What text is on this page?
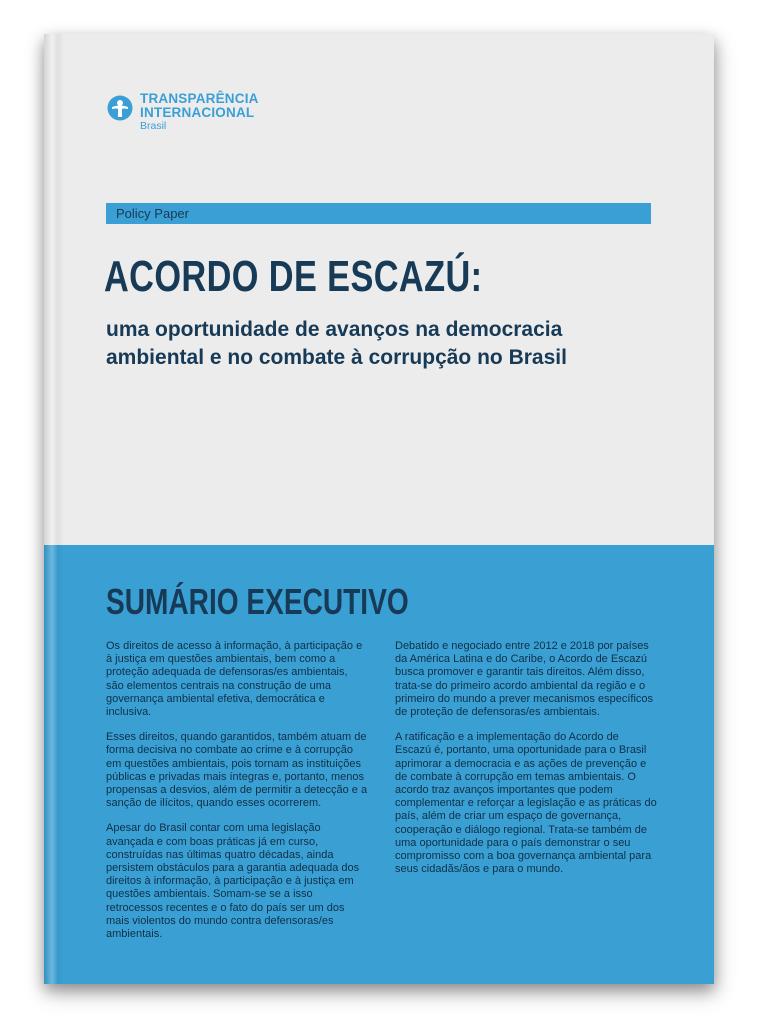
TRANSPARÊNCIA
INTERNACIONAL
Brasil
Policy Paper
ACORDO DE ESCAZÚ:

uma oportunidade de avanços na democracia ambiental e no combate à corrupção no Brasil

SUMÁRIO EXECUTIVO

Os direitos de acesso à informação, à participação e à justiça em questões ambientais, bem como a proteção adequada de defensoras/es ambientais, são elementos centrais na construção de uma governança ambiental efetiva, democrática e inclusiva.

Esses direitos, quando garantidos, também atuam de forma decisiva no combate ao crime e à corrupção em questões ambientais, pois tornam as instituições públicas e privadas mais íntegras e, portanto, menos propensas a desvios, além de permitir a detecção e a sanção de ilícitos, quando esses ocorrerem.

Apesar do Brasil contar com uma legislação avançada e com boas práticas já em curso, construídas nas últimas quatro décadas, ainda persistem obstáculos para a garantia adequada dos direitos à informação, à participação e à justiça em questões ambientais. Somam-se se a isso retrocessos recentes e o fato do país ser um dos mais violentos do mundo contra defensoras/es ambientais.

Debatido e negociado entre 2012 e 2018 por países da América Latina e do Caribe, o Acordo de Escazú busca promover e garantir tais direitos. Além disso, trata-se do primeiro acordo ambiental da região e o primeiro do mundo a prever mecanismos específicos de proteção de defensoras/es ambientais.

A ratificação e a implementação do Acordo de Escazú é, portanto, uma oportunidade para o Brasil aprimorar a democracia e as ações de prevenção e de combate à corrupção em temas ambientais. O acordo traz avanços importantes que podem complementar e reforçar a legislação e as práticas do país, além de criar um espaço de governança, cooperação e diálogo regional. Trata-se também de uma oportunidade para o país demonstrar o seu compromisso com a boa governança ambiental para seus cidadãs/ãos e para o mundo.
